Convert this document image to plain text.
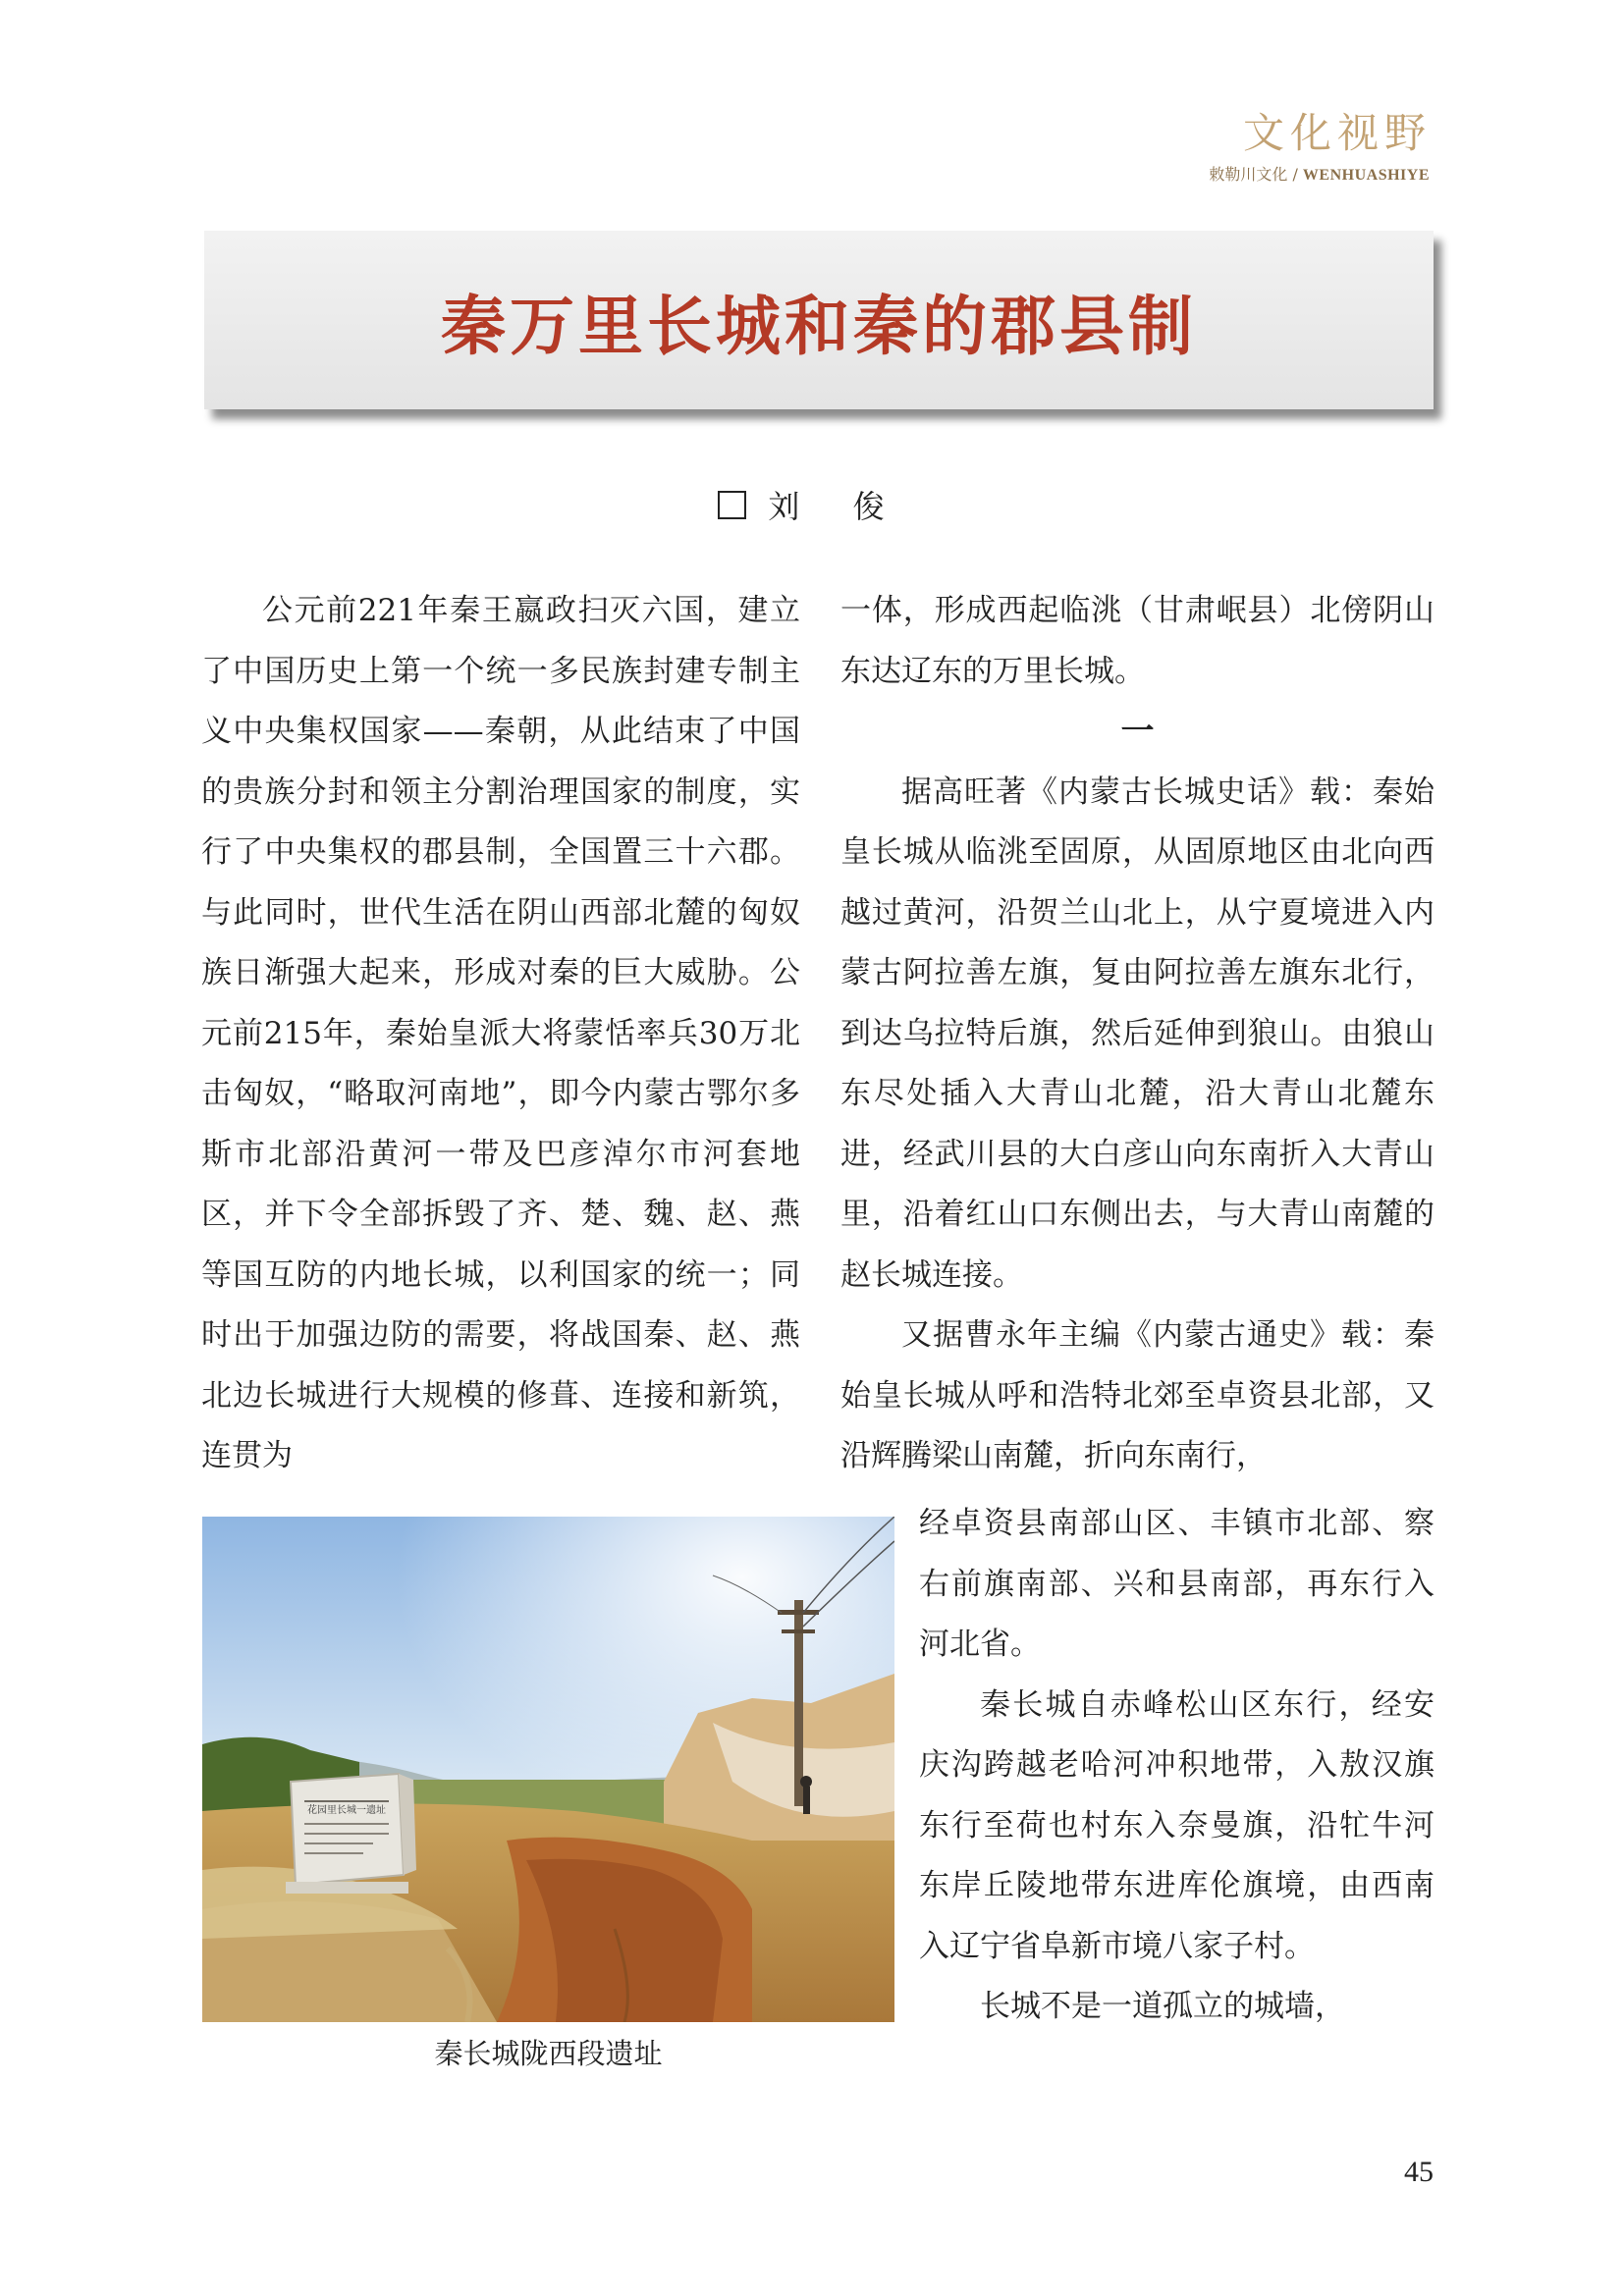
文化视野
敕勒川文化 / WENHUASHIYE
秦万里长城和秦的郡县制
刘 俊

公元前221年秦王嬴政扫灭六国，建立了中国历史上第一个统一多民族封建专制主义中央集权国家——秦朝，从此结束了中国的贵族分封和领主分割治理国家的制度，实行了中央集权的郡县制，全国置三十六郡。与此同时，世代生活在阴山西部北麓的匈奴族日渐强大起来，形成对秦的巨大威胁。公元前215年，秦始皇派大将蒙恬率兵30万北击匈奴，“略取河南地”，即今内蒙古鄂尔多斯市北部沿黄河一带及巴彦淖尔市河套地区，并下令全部拆毁了齐、楚、魏、赵、燕等国互防的内地长城，以利国家的统一；同时出于加强边防的需要，将战国秦、赵、燕北边长城进行大规模的修葺、连接和新筑，连贯为

一体，形成西起临洮（甘肃岷县）北傍阴山东达辽东的万里长城。

一

据高旺著《内蒙古长城史话》载：秦始皇长城从临洮至固原，从固原地区由北向西越过黄河，沿贺兰山北上，从宁夏境进入内蒙古阿拉善左旗，复由阿拉善左旗东北行，到达乌拉特后旗，然后延伸到狼山。由狼山东尽处插入大青山北麓，沿大青山北麓东进，经武川县的大白彦山向东南折入大青山里，沿着红山口东侧出去，与大青山南麓的赵长城连接。

又据曹永年主编《内蒙古通史》载：秦始皇长城从呼和浩特北郊至卓资县北部，又沿辉腾梁山南麓，折向东南行，

经卓资县南部山区、丰镇市北部、察右前旗南部、兴和县南部，再东行入河北省。

秦长城自赤峰松山区东行，经安庆沟跨越老哈河冲积地带，入敖汉旗东行至荷也村东入奈曼旗，沿牤牛河东岸丘陵地带东进库伦旗境，由西南入辽宁省阜新市境八家子村。

长城不是一道孤立的城墙，

花园里长城一遗址
秦长城陇西段遗址
45
